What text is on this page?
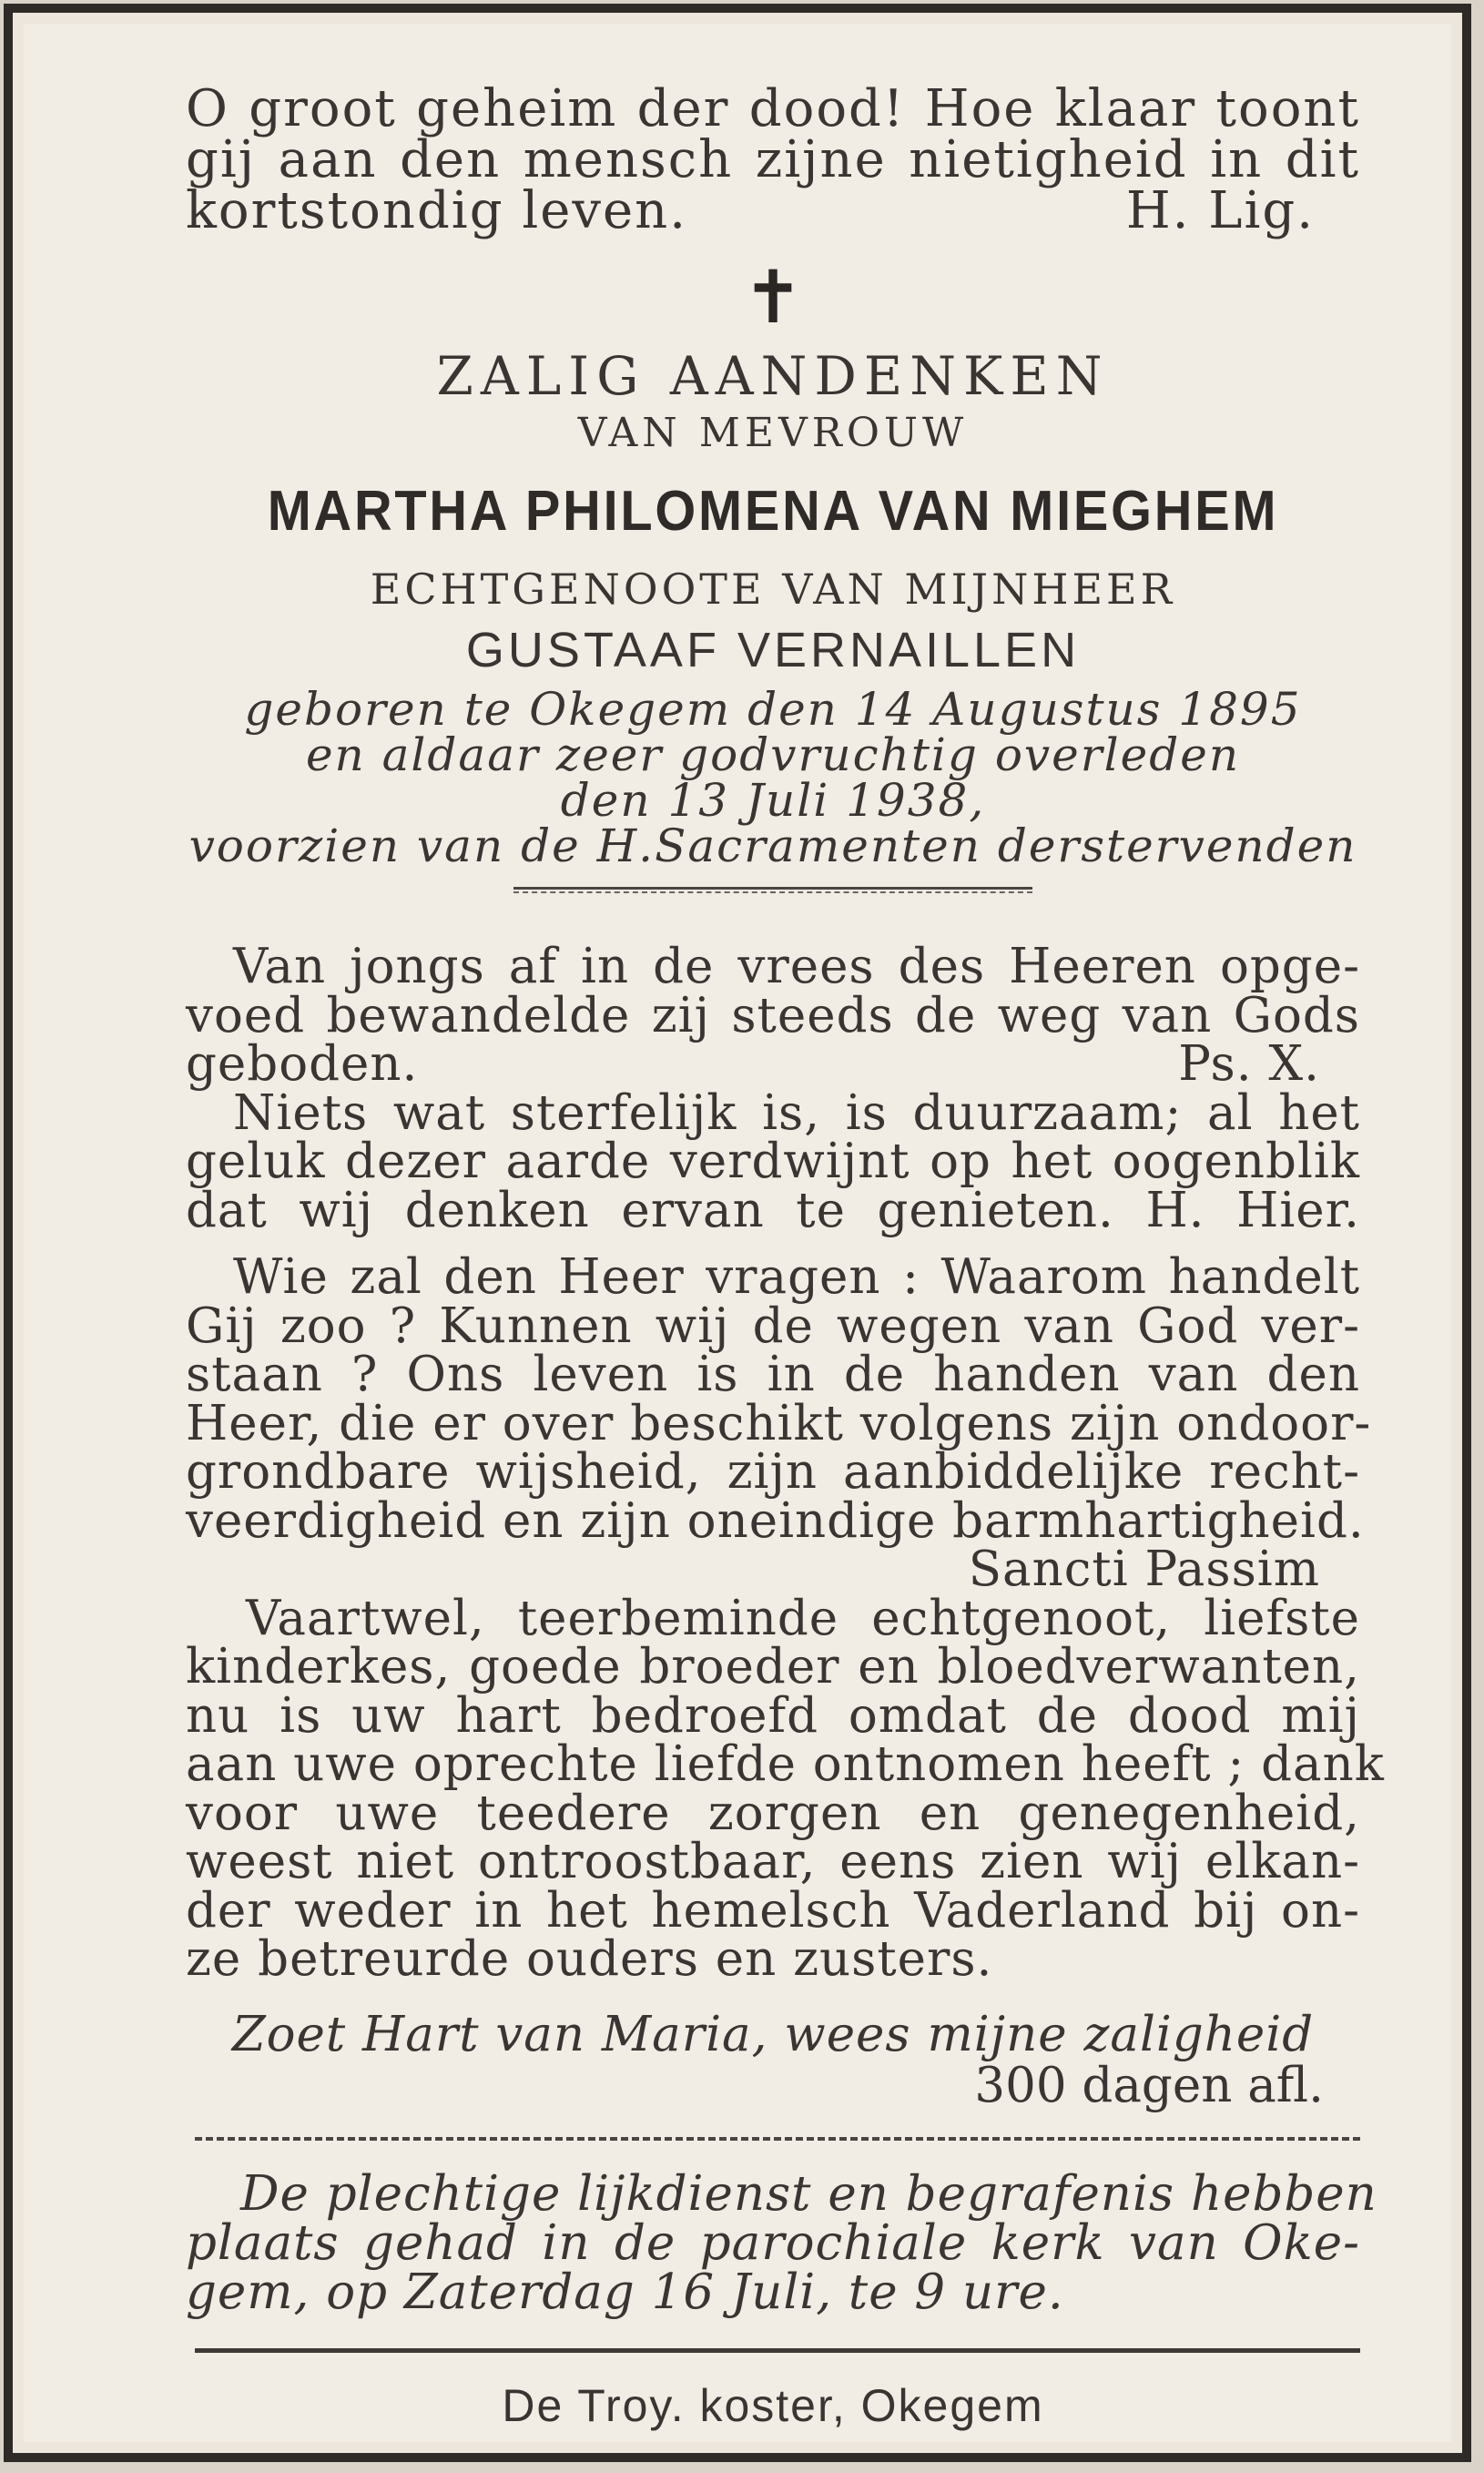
O groot geheim der dood! Hoe klaar toont
gij aan den mensch zijne nietigheid in dit
kortstondig leven.	H. Lig.
✝
ZALIG AANDENKEN
VAN MEVROUW
MARTHA PHILOMENA VAN MIEGHEM
ECHTGENOOTE VAN MIJNHEER
GUSTAAF VERNAILLEN
geboren te Okegem den 14 Augustus 1895
en aldaar zeer godvruchtig overleden
den 13 Juli 1938,
voorzien van de H.Sacramenten derstervenden
Van jongs af in de vrees des Heeren opge-
voed bewandelde zij steeds de weg van Gods
geboden.	Ps. X.
Niets wat sterfelijk is, is duurzaam; al het
geluk dezer aarde verdwijnt op het oogenblik
dat wij denken ervan te genieten. H. Hier.
Wie zal den Heer vragen : Waarom handelt
Gij zoo ? Kunnen wij de wegen van God ver-
staan ? Ons leven is in de handen van den
Heer, die er over beschikt volgens zijn ondoor-
grondbare wijsheid, zijn aanbiddelijke recht-
veerdigheid en zijn oneindige barmhartigheid.
Sancti Passim
Vaartwel, teerbeminde echtgenoot, liefste
kinderkes, goede broeder en bloedverwanten,
nu is uw hart bedroefd omdat de dood mij
aan uwe oprechte liefde ontnomen heeft ; dank
voor uwe teedere zorgen en genegenheid,
weest niet ontroostbaar, eens zien wij elkan-
der weder in het hemelsch Vaderland bij on-
ze betreurde ouders en zusters.
Zoet Hart van Maria, wees mijne zaligheid
300 dagen afl.
De plechtige lijkdienst en begrafenis hebben
plaats gehad in de parochiale kerk van Oke-
gem, op Zaterdag 16 Juli, te 9 ure.
De Troy. koster, Okegem
